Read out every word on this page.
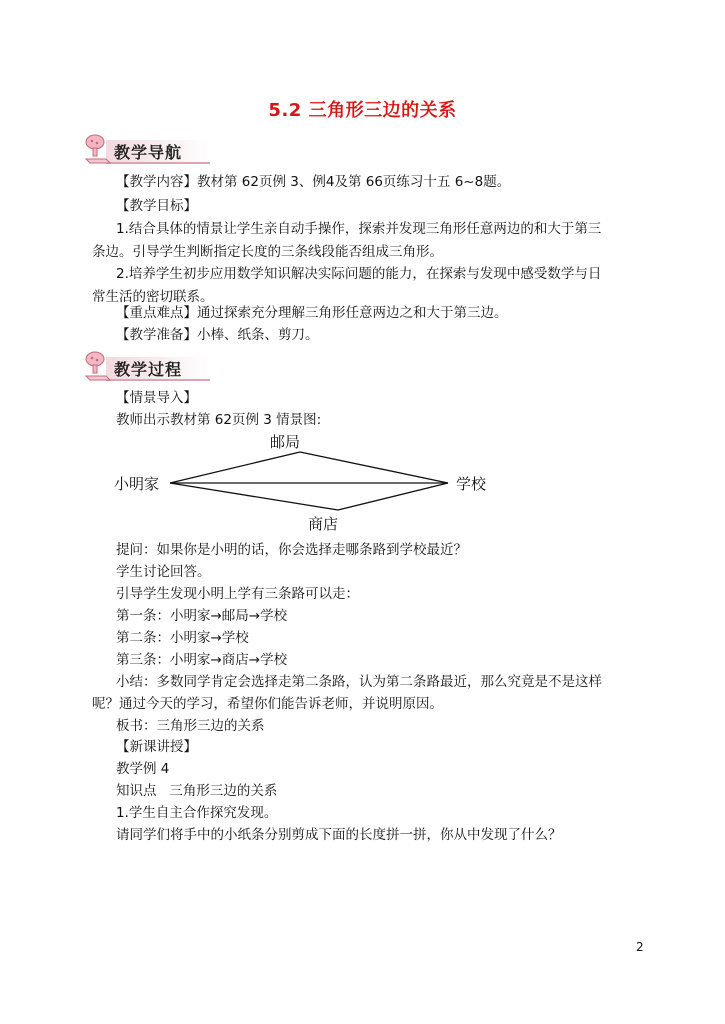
5.2 三角形三边的关系
教学导航
【教学内容】教材第 62页例 3、例4及第 66页练习十五 6~8题。
【教学目标】
1.结合具体的情景让学生亲自动手操作，探索并发现三角形任意两边的和大于第三
条边。引导学生判断指定长度的三条线段能否组成三角形。
2.培养学生初步应用数学知识解决实际问题的能力，在探索与发现中感受数学与日
常生活的密切联系。
【重点难点】通过探索充分理解三角形任意两边之和大于第三边。
【教学准备】小棒、纸条、剪刀。
教学过程
【情景导入】
教师出示教材第 62页例 3 情景图:
邮局
小明家	学校
商店
提问：如果你是小明的话，你会选择走哪条路到学校最近？
学生讨论回答。
引导学生发现小明上学有三条路可以走：
第一条：小明家→邮局→学校
第二条：小明家→学校
第三条：小明家→商店→学校
小结：多数同学肯定会选择走第二条路，认为第二条路最近，那么究竟是不是这样
呢？通过今天的学习，希望你们能告诉老师，并说明原因。
板书：三角形三边的关系
【新课讲授】
教学例 4
知识点   三角形三边的关系
1.学生自主合作探究发现。
请同学们将手中的小纸条分别剪成下面的长度拼一拼，你从中发现了什么？
2
